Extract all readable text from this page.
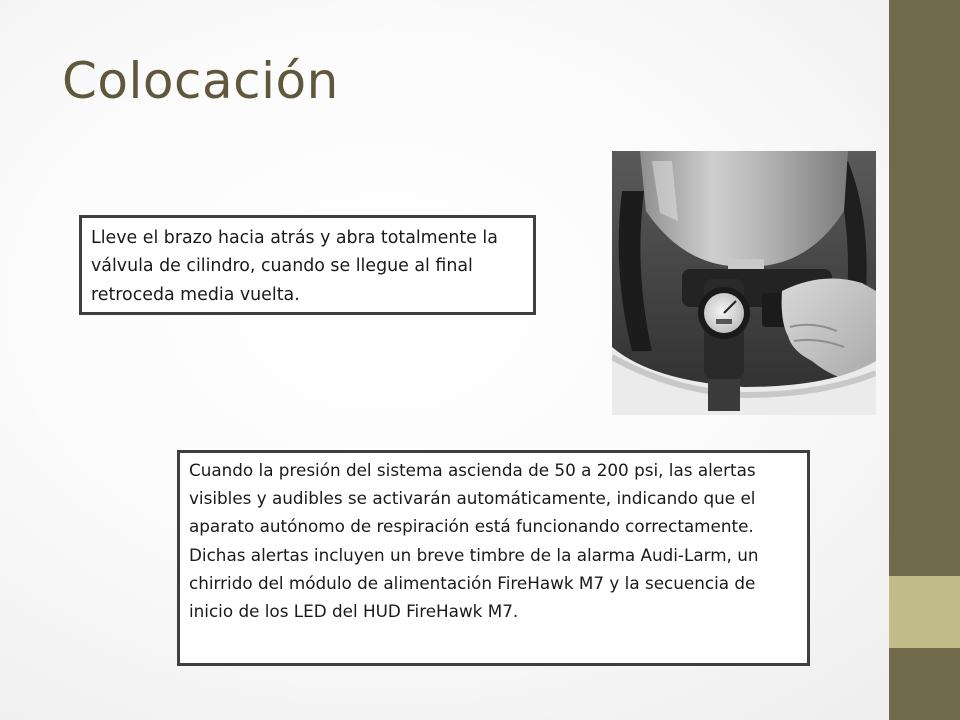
Colocación
Lleve el brazo hacia atrás y abra totalmente la válvula de cilindro, cuando se llegue al final retroceda media vuelta.
Cuando la presión del sistema ascienda de 50 a 200 psi, las alertas visibles y audibles se activarán automáticamente, indicando que el aparato autónomo de respiración está funcionando correctamente. Dichas alertas incluyen un breve timbre de la alarma Audi-Larm, un chirrido del módulo de alimentación FireHawk M7 y la secuencia de inicio de los LED del HUD FireHawk M7.
